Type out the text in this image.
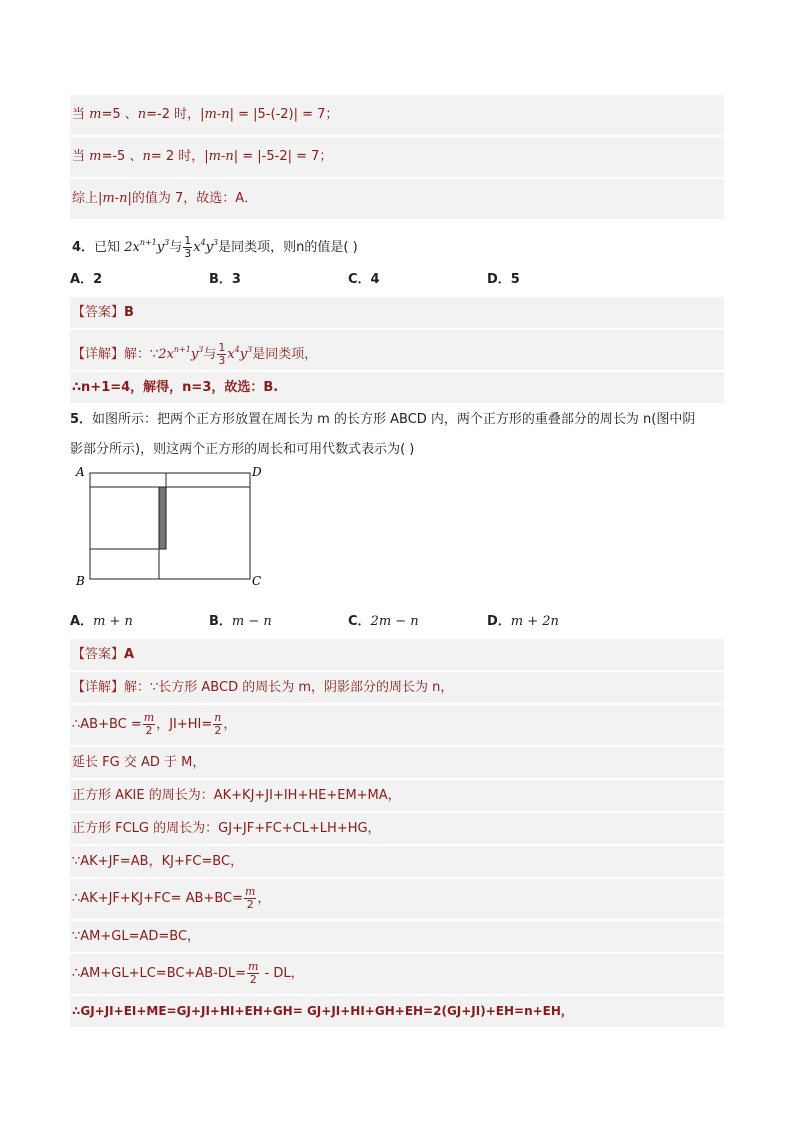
当 m=5 、n=-2 时，|m-n| = |5-(-2)| = 7；
当 m=-5 、n= 2 时，|m-n| = |-5-2| = 7；
综上|m-n|的值为 7，故选：A．
4．已知 $2x^{n+1}y^3$与 $\frac{1}{3} x^4y^3$是同类项，则n的值是( )
A．2	B．3	C．4	D．5
【答案】B
【详解】解：$\because 2x^{n+1}y^3$与 $\frac{1}{3} x^4y^3$是同类项，
∴n+1=4，解得，n=3，故选：B.
5．如图所示：把两个正方形放置在周长为 m 的长方形 ABCD 内，两个正方形的重叠部分的周长为 n(图中阴
影部分所示)，则这两个正方形的周长和可用代数式表示为( )
A	D
B	C
A．m + n	B．m − n	C．2m − n	D．m + 2n
【答案】A
【详解】解：∵长方形 ABCD 的周长为 m，阴影部分的周长为 n，
∴AB+BC = $\frac{m}{2}$ ，$JI+HI= \frac{n}{2}$ ，
延长 FG 交 AD 于 M，
正方形 AKIE 的周长为：AK+KJ+JI+IH+HE+EM+MA，
正方形 FCLG 的周长为：GJ+JF+FC+CL+LH+HG，
∵AK+JF=AB，KJ+FC=BC，
∴AK+JF+KJ+FC= $AB+BC= \frac{m}{2}$ ，
∵AM+GL=AD=BC，
∴AM+GL+LC=BC+AB-DL= $\frac{m}{2}$ - DL，
∴GJ+JI+EI+ME=GJ+JI+HI+EH+GH= GJ+JI+HI+GH+EH=2(GJ+JI)+EH=n+EH，
